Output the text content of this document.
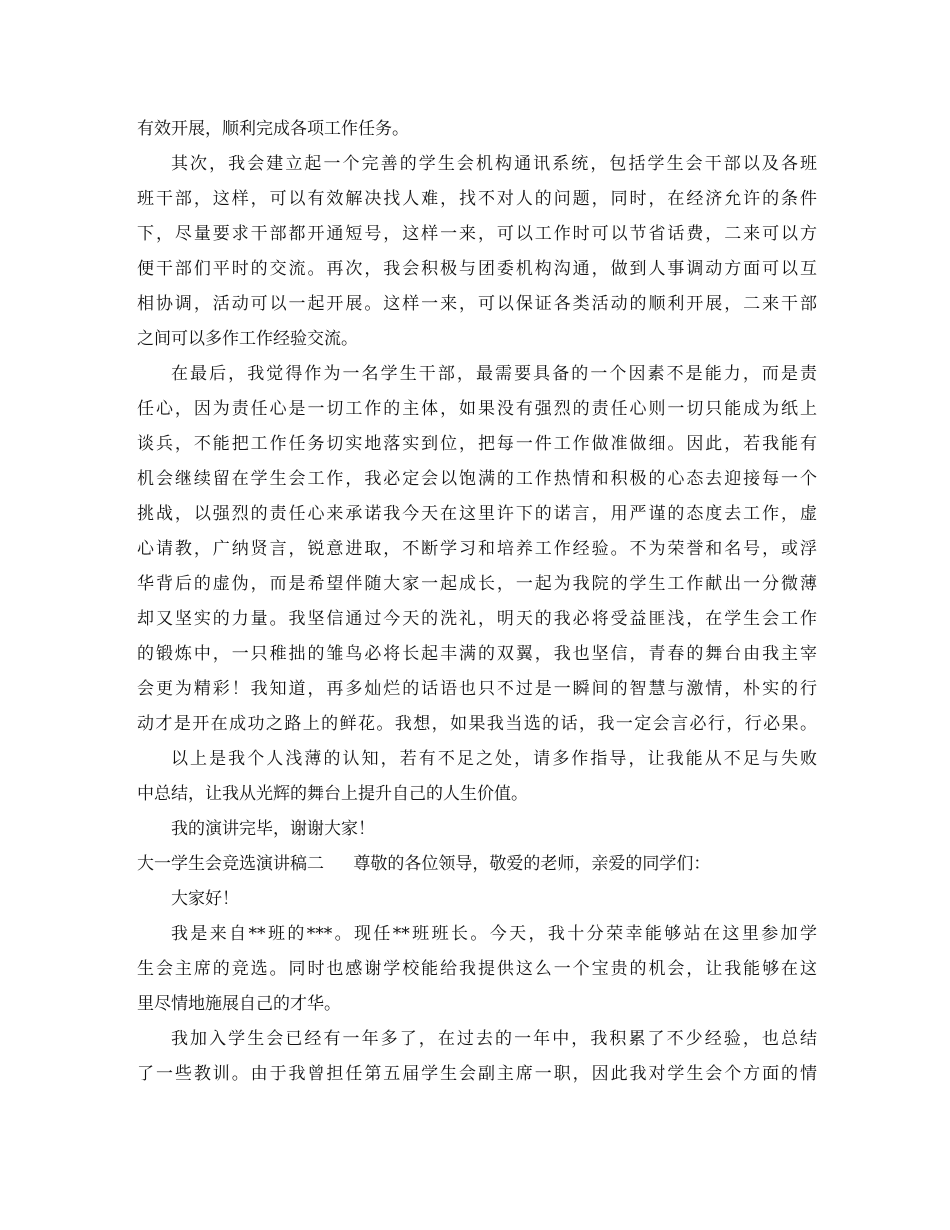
有效开展，顺利完成各项工作任务。
其次，我会建立起一个完善的学生会机构通讯系统，包括学生会干部以及各班
班干部，这样，可以有效解决找人难，找不对人的问题，同时，在经济允许的条件
下，尽量要求干部都开通短号，这样一来，可以工作时可以节省话费，二来可以方
便干部们平时的交流。再次，我会积极与团委机构沟通，做到人事调动方面可以互
相协调，活动可以一起开展。这样一来，可以保证各类活动的顺利开展，二来干部
之间可以多作工作经验交流。
在最后，我觉得作为一名学生干部，最需要具备的一个因素不是能力，而是责
任心，因为责任心是一切工作的主体，如果没有强烈的责任心则一切只能成为纸上
谈兵，不能把工作任务切实地落实到位，把每一件工作做准做细。因此，若我能有
机会继续留在学生会工作，我必定会以饱满的工作热情和积极的心态去迎接每一个
挑战，以强烈的责任心来承诺我今天在这里许下的诺言，用严谨的态度去工作，虚
心请教，广纳贤言，锐意进取，不断学习和培养工作经验。不为荣誉和名号，或浮
华背后的虚伪，而是希望伴随大家一起成长，一起为我院的学生工作献出一分微薄
却又坚实的力量。我坚信通过今天的洗礼，明天的我必将受益匪浅，在学生会工作
的锻炼中，一只稚拙的雏鸟必将长起丰满的双翼，我也坚信，青春的舞台由我主宰
会更为精彩！我知道，再多灿烂的话语也只不过是一瞬间的智慧与激情，朴实的行
动才是开在成功之路上的鲜花。我想，如果我当选的话，我一定会言必行，行必果。
以上是我个人浅薄的认知，若有不足之处，请多作指导，让我能从不足与失败
中总结，让我从光辉的舞台上提升自己的人生价值。
我的演讲完毕，谢谢大家！
大一学生会竞选演讲稿二 尊敬的各位领导，敬爱的老师，亲爱的同学们：
大家好！
我是来自**班的***。现任**班班长。今天，我十分荣幸能够站在这里参加学
生会主席的竞选。同时也感谢学校能给我提供这么一个宝贵的机会，让我能够在这
里尽情地施展自己的才华。
我加入学生会已经有一年多了，在过去的一年中，我积累了不少经验，也总结
了一些教训。由于我曾担任第五届学生会副主席一职，因此我对学生会个方面的情
